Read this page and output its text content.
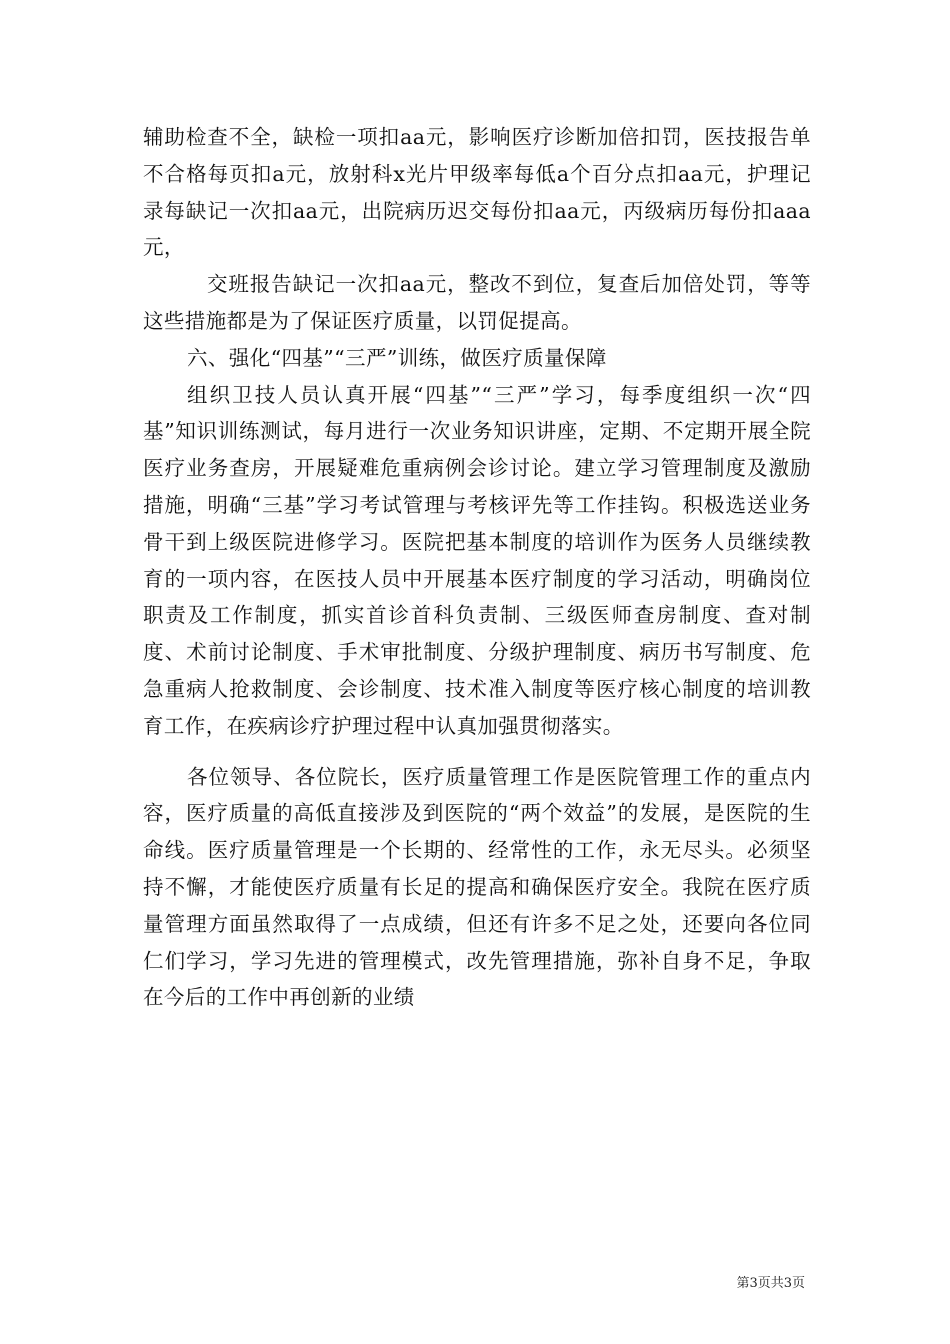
辅助检查不全，缺检一项扣aa元，影响医疗诊断加倍扣罚，医技报告单不合格每页扣a元，放射科x光片甲级率每低a个百分点扣aa元，护理记录每缺记一次扣aa元，出院病历迟交每份扣aa元，丙级病历每份扣aaa元，

交班报告缺记一次扣aa元，整改不到位，复查后加倍处罚，等等这些措施都是为了保证医疗质量，以罚促提高。

六、强化“四基”“三严”训练，做医疗质量保障

组织卫技人员认真开展“四基”“三严”学习，每季度组织一次“四基”知识训练测试，每月进行一次业务知识讲座，定期、不定期开展全院医疗业务查房，开展疑难危重病例会诊讨论。建立学习管理制度及激励措施，明确“三基”学习考试管理与考核评先等工作挂钩。积极选送业务骨干到上级医院进修学习。医院把基本制度的培训作为医务人员继续教育的一项内容，在医技人员中开展基本医疗制度的学习活动，明确岗位职责及工作制度，抓实首诊首科负责制、三级医师查房制度、查对制度、术前讨论制度、手术审批制度、分级护理制度、病历书写制度、危急重病人抢救制度、会诊制度、技术准入制度等医疗核心制度的培训教育工作，在疾病诊疗护理过程中认真加强贯彻落实。

各位领导、各位院长，医疗质量管理工作是医院管理工作的重点内容，医疗质量的高低直接涉及到医院的“两个效益”的发展，是医院的生命线。医疗质量管理是一个长期的、经常性的工作，永无尽头。必须坚持不懈，才能使医疗质量有长足的提高和确保医疗安全。我院在医疗质量管理方面虽然取得了一点成绩，但还有许多不足之处，还要向各位同仁们学习，学习先进的管理模式，改先管理措施，弥补自身不足，争取在今后的工作中再创新的业绩

第3页共3页
